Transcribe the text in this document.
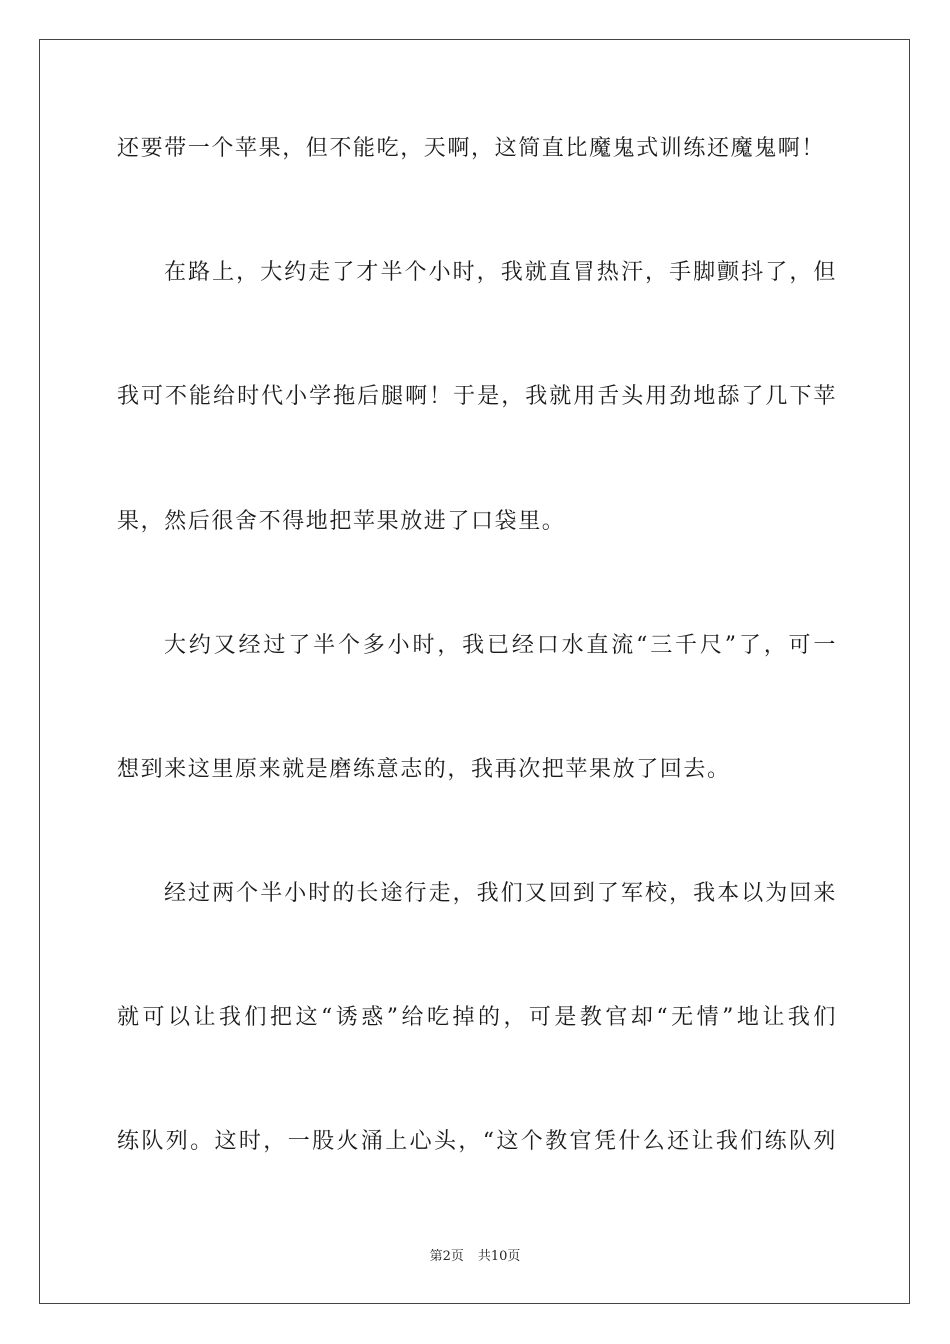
还要带一个苹果，但不能吃，天啊，这简直比魔鬼式训练还魔鬼啊！
在路上，大约走了才半个小时，我就直冒热汗，手脚颤抖了，但
我可不能给时代小学拖后腿啊！于是，我就用舌头用劲地舔了几下苹
果，然后很舍不得地把苹果放进了口袋里。
大约又经过了半个多小时，我已经口水直流“三千尺”了，可一
想到来这里原来就是磨练意志的，我再次把苹果放了回去。
经过两个半小时的长途行走，我们又回到了军校，我本以为回来
就可以让我们把这“诱惑”给吃掉的，可是教官却“无情”地让我们
练队列。这时，一股火涌上心头，“这个教官凭什么还让我们练队列
第2页 共10页
